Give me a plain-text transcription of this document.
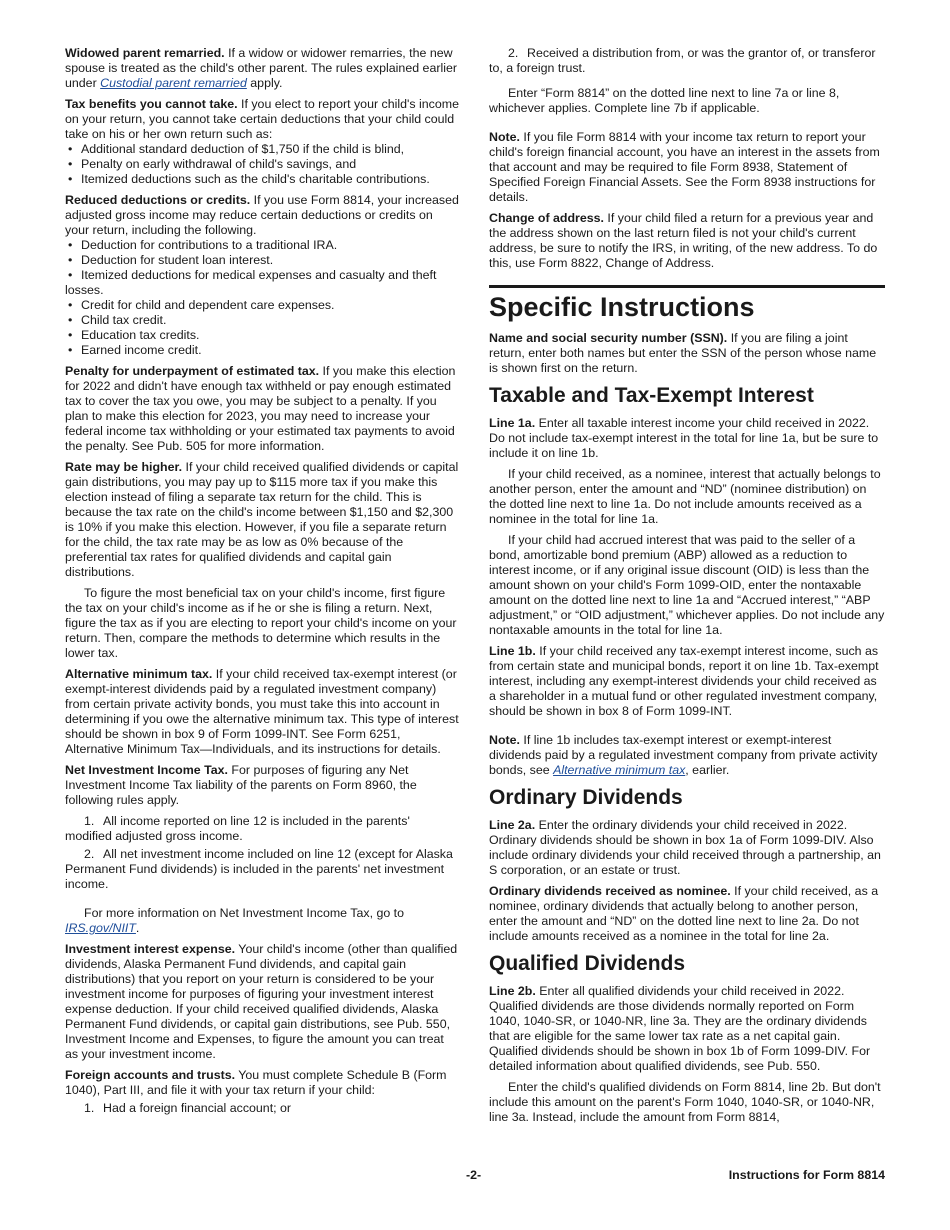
Widowed parent remarried. If a widow or widower remarries, the new spouse is treated as the child's other parent. The rules explained earlier under Custodial parent remarried apply.

Tax benefits you cannot take. If you elect to report your child's income on your return, you cannot take certain deductions that your child could take on his or her own return such as:

• Additional standard deduction of $1,750 if the child is blind,
• Penalty on early withdrawal of child's savings, and
• Itemized deductions such as the child's charitable contributions.

Reduced deductions or credits. If you use Form 8814, your increased adjusted gross income may reduce certain deductions or credits on your return, including the following.

• Deduction for contributions to a traditional IRA.
• Deduction for student loan interest.
• Itemized deductions for medical expenses and casualty and theft losses.
• Credit for child and dependent care expenses.
• Child tax credit.
• Education tax credits.
• Earned income credit.

Penalty for underpayment of estimated tax. If you make this election for 2022 and didn't have enough tax withheld or pay enough estimated tax to cover the tax you owe, you may be subject to a penalty. If you plan to make this election for 2023, you may need to increase your federal income tax withholding or your estimated tax payments to avoid the penalty. See Pub. 505 for more information.

Rate may be higher. If your child received qualified dividends or capital gain distributions, you may pay up to $115 more tax if you make this election instead of filing a separate tax return for the child. This is because the tax rate on the child's income between $1,150 and $2,300 is 10% if you make this election. However, if you file a separate return for the child, the tax rate may be as low as 0% because of the preferential tax rates for qualified dividends and capital gain distributions.

To figure the most beneficial tax on your child's income, first figure the tax on your child's income as if he or she is filing a return. Next, figure the tax as if you are electing to report your child's income on your return. Then, compare the methods to determine which results in the lower tax.

Alternative minimum tax. If your child received tax-exempt interest (or exempt-interest dividends paid by a regulated investment company) from certain private activity bonds, you must take this into account in determining if you owe the alternative minimum tax. This type of interest should be shown in box 9 of Form 1099-INT. See Form 6251, Alternative Minimum Tax—Individuals, and its instructions for details.

Net Investment Income Tax. For purposes of figuring any Net Investment Income Tax liability of the parents on Form 8960, the following rules apply.

1. All income reported on line 12 is included in the parents' modified adjusted gross income.

2. All net investment income included on line 12 (except for Alaska Permanent Fund dividends) is included in the parents' net investment income.

For more information on Net Investment Income Tax, go to IRS.gov/NIIT.

Investment interest expense. Your child's income (other than qualified dividends, Alaska Permanent Fund dividends, and capital gain distributions) that you report on your return is considered to be your investment income for purposes of figuring your investment interest expense deduction. If your child received qualified dividends, Alaska Permanent Fund dividends, or capital gain distributions, see Pub. 550, Investment Income and Expenses, to figure the amount you can treat as your investment income.

Foreign accounts and trusts. You must complete Schedule B (Form 1040), Part III, and file it with your tax return if your child:

1. Had a foreign financial account; or

2. Received a distribution from, or was the grantor of, or transferor to, a foreign trust.

Enter “Form 8814” on the dotted line next to line 7a or line 8, whichever applies. Complete line 7b if applicable.

Note. If you file Form 8814 with your income tax return to report your child's foreign financial account, you have an interest in the assets from that account and may be required to file Form 8938, Statement of Specified Foreign Financial Assets. See the Form 8938 instructions for details.

Change of address. If your child filed a return for a previous year and the address shown on the last return filed is not your child's current address, be sure to notify the IRS, in writing, of the new address. To do this, use Form 8822, Change of Address.

Specific Instructions

Name and social security number (SSN). If you are filing a joint return, enter both names but enter the SSN of the person whose name is shown first on the return.

Taxable and Tax-Exempt Interest

Line 1a. Enter all taxable interest income your child received in 2022. Do not include tax-exempt interest in the total for line 1a, but be sure to include it on line 1b.

If your child received, as a nominee, interest that actually belongs to another person, enter the amount and “ND” (nominee distribution) on the dotted line next to line 1a. Do not include amounts received as a nominee in the total for line 1a.

If your child had accrued interest that was paid to the seller of a bond, amortizable bond premium (ABP) allowed as a reduction to interest income, or if any original issue discount (OID) is less than the amount shown on your child's Form 1099-OID, enter the nontaxable amount on the dotted line next to line 1a and “Accrued interest,” “ABP adjustment,” or “OID adjustment,” whichever applies. Do not include any nontaxable amounts in the total for line 1a.

Line 1b. If your child received any tax-exempt interest income, such as from certain state and municipal bonds, report it on line 1b. Tax-exempt interest, including any exempt-interest dividends your child received as a shareholder in a mutual fund or other regulated investment company, should be shown in box 8 of Form 1099-INT.

Note. If line 1b includes tax-exempt interest or exempt-interest dividends paid by a regulated investment company from private activity bonds, see Alternative minimum tax, earlier.

Ordinary Dividends

Line 2a. Enter the ordinary dividends your child received in 2022. Ordinary dividends should be shown in box 1a of Form 1099-DIV. Also include ordinary dividends your child received through a partnership, an S corporation, or an estate or trust.

Ordinary dividends received as nominee. If your child received, as a nominee, ordinary dividends that actually belong to another person, enter the amount and “ND” on the dotted line next to line 2a. Do not include amounts received as a nominee in the total for line 2a.

Qualified Dividends

Line 2b. Enter all qualified dividends your child received in 2022. Qualified dividends are those dividends normally reported on Form 1040, 1040-SR, or 1040-NR, line 3a. They are the ordinary dividends that are eligible for the same lower tax rate as a net capital gain. Qualified dividends should be shown in box 1b of Form 1099-DIV. For detailed information about qualified dividends, see Pub. 550.

Enter the child's qualified dividends on Form 8814, line 2b. But don't include this amount on the parent's Form 1040, 1040-SR, or 1040-NR, line 3a. Instead, include the amount from Form 8814,

-2-	Instructions for Form 8814
